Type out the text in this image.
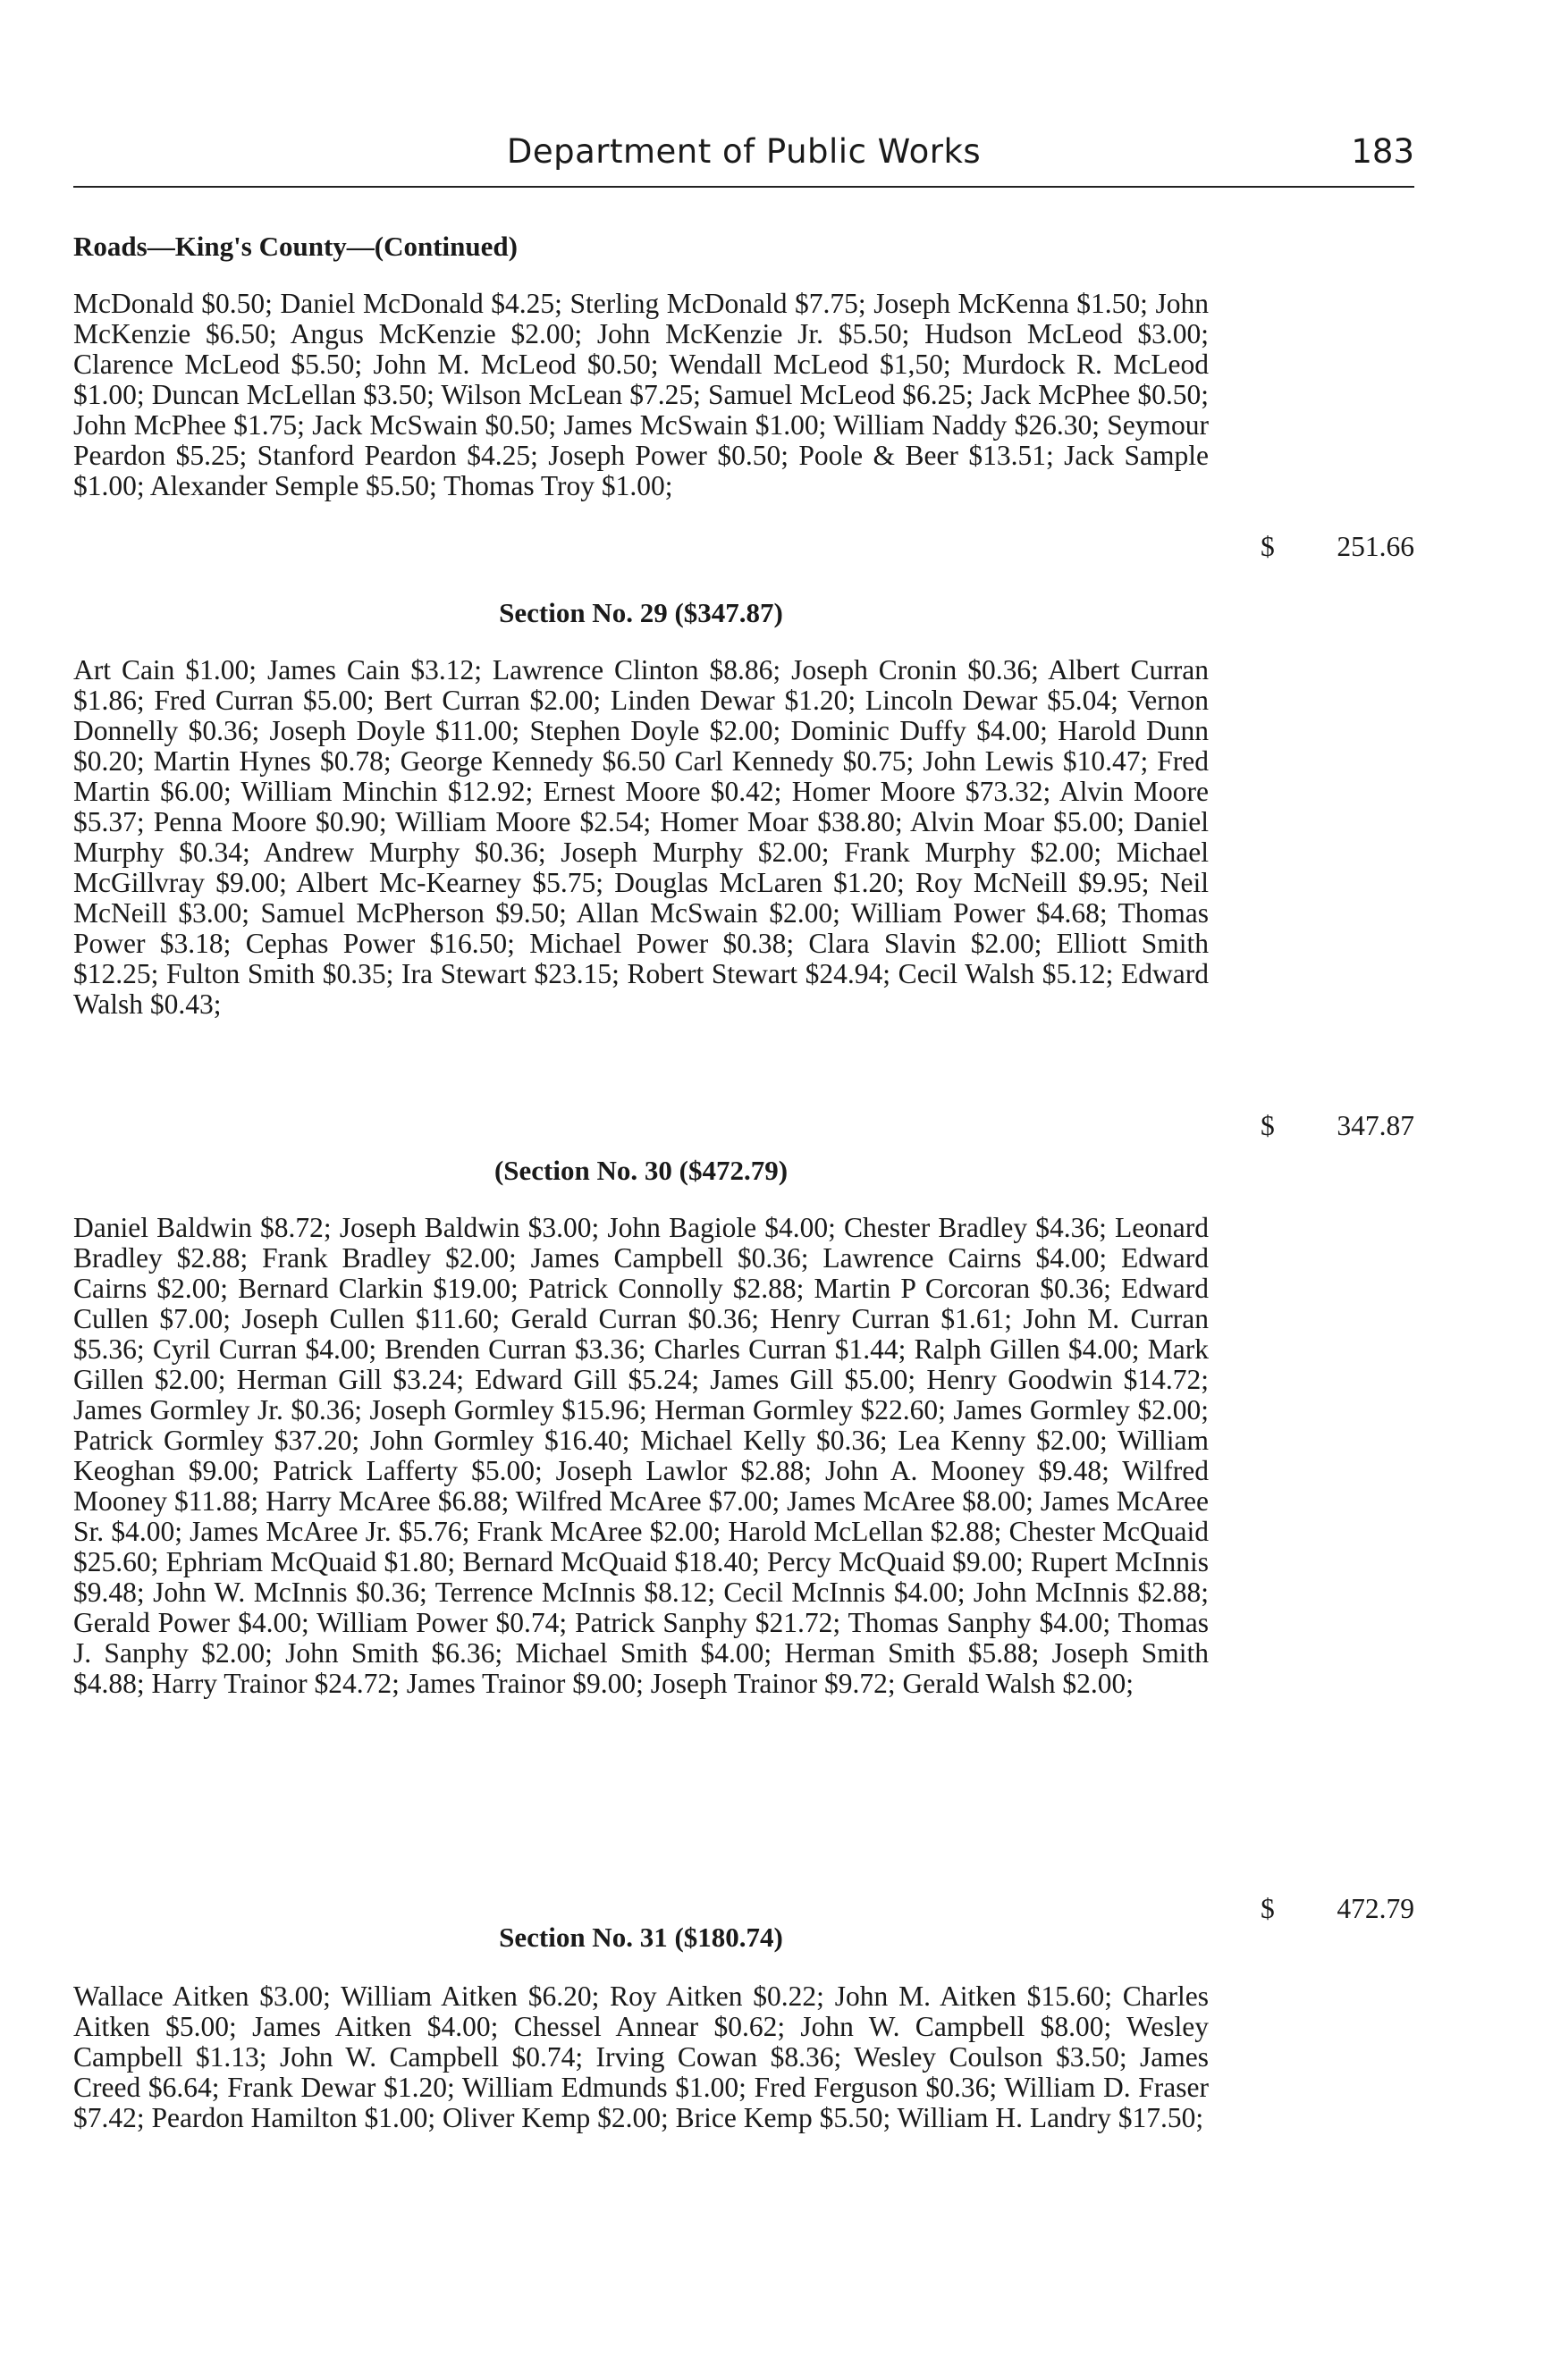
Department of Public Works	183
Roads—King's County—(Continued)

McDonald $0.50; Daniel McDonald $4.25; Sterling McDonald $7.75; Joseph McKenna $1.50; John McKenzie $6.50; Angus McKenzie $2.00; John McKenzie Jr. $5.50; Hudson McLeod $3.00; Clarence McLeod $5.50; John M. McLeod $0.50; Wendall McLeod $1,50; Murdock R. McLeod $1.00; Duncan McLellan $3.50; Wilson McLean $7.25; Samuel McLeod $6.25; Jack McPhee $0.50; John McPhee $1.75; Jack McSwain $0.50; James McSwain $1.00; William Naddy $26.30; Seymour Peardon $5.25; Stanford Peardon $4.25; Joseph Power $0.50; Poole & Beer $13.51; Jack Sample $1.00; Alexander Semple $5.50; Thomas Troy $1.00;

$ 251.66
Section No. 29 ($347.87)

Art Cain $1.00; James Cain $3.12; Lawrence Clinton $8.86; Joseph Cronin $0.36; Albert Curran $1.86; Fred Curran $5.00; Bert Curran $2.00; Linden Dewar $1.20; Lincoln Dewar $5.04; Vernon Donnelly $0.36; Joseph Doyle $11.00; Stephen Doyle $2.00; Dominic Duffy $4.00; Harold Dunn $0.20; Martin Hynes $0.78; George Kennedy $6.50 Carl Kennedy $0.75; John Lewis $10.47; Fred Martin $6.00; William Minchin $12.92; Ernest Moore $0.42; Homer Moore $73.32; Alvin Moore $5.37; Penna Moore $0.90; William Moore $2.54; Homer Moar $38.80; Alvin Moar $5.00; Daniel Murphy $0.34; Andrew Murphy $0.36; Joseph Murphy $2.00; Frank Murphy $2.00; Michael McGillvray $9.00; Albert Mc-Kearney $5.75; Douglas McLaren $1.20; Roy McNeill $9.95; Neil McNeill $3.00; Samuel McPherson $9.50; Allan McSwain $2.00; William Power $4.68; Thomas Power $3.18; Cephas Power $16.50; Michael Power $0.38; Clara Slavin $2.00; Elliott Smith $12.25; Fulton Smith $0.35; Ira Stewart $23.15; Robert Stewart $24.94; Cecil Walsh $5.12; Edward Walsh $0.43;

$ 347.87
(Section No. 30 ($472.79)

Daniel Baldwin $8.72; Joseph Baldwin $3.00; John Bagiole $4.00; Chester Bradley $4.36; Leonard Bradley $2.88; Frank Bradley $2.00; James Campbell $0.36; Lawrence Cairns $4.00; Edward Cairns $2.00; Bernard Clarkin $19.00; Patrick Connolly $2.88; Martin P Corcoran $0.36; Edward Cullen $7.00; Joseph Cullen $11.60; Gerald Curran $0.36; Henry Curran $1.61; John M. Curran $5.36; Cyril Curran $4.00; Brenden Curran $3.36; Charles Curran $1.44; Ralph Gillen $4.00; Mark Gillen $2.00; Herman Gill $3.24; Edward Gill $5.24; James Gill $5.00; Henry Goodwin $14.72; James Gormley Jr. $0.36; Joseph Gormley $15.96; Herman Gormley $22.60; James Gormley $2.00; Patrick Gormley $37.20; John Gormley $16.40; Michael Kelly $0.36; Lea Kenny $2.00; William Keoghan $9.00; Patrick Lafferty $5.00; Joseph Lawlor $2.88; John A. Mooney $9.48; Wilfred Mooney $11.88; Harry McAree $6.88; Wilfred McAree $7.00; James McAree $8.00; James McAree Sr. $4.00; James McAree Jr. $5.76; Frank McAree $2.00; Harold McLellan $2.88; Chester McQuaid $25.60; Ephriam McQuaid $1.80; Bernard McQuaid $18.40; Percy McQuaid $9.00; Rupert McInnis $9.48; John W. McInnis $0.36; Terrence McInnis $8.12; Cecil McInnis $4.00; John McInnis $2.88; Gerald Power $4.00; William Power $0.74; Patrick Sanphy $21.72; Thomas Sanphy $4.00; Thomas J. Sanphy $2.00; John Smith $6.36; Michael Smith $4.00; Herman Smith $5.88; Joseph Smith $4.88; Harry Trainor $24.72; James Trainor $9.00; Joseph Trainor $9.72; Gerald Walsh $2.00;

$ 472.79
Section No. 31 ($180.74)

Wallace Aitken $3.00; William Aitken $6.20; Roy Aitken $0.22; John M. Aitken $15.60; Charles Aitken $5.00; James Aitken $4.00; Chessel Annear $0.62; John W. Campbell $8.00; Wesley Campbell $1.13; John W. Campbell $0.74; Irving Cowan $8.36; Wesley Coulson $3.50; James Creed $6.64; Frank Dewar $1.20; William Edmunds $1.00; Fred Ferguson $0.36; William D. Fraser $7.42; Peardon Hamilton $1.00; Oliver Kemp $2.00; Brice Kemp $5.50; William H. Landry $17.50;
